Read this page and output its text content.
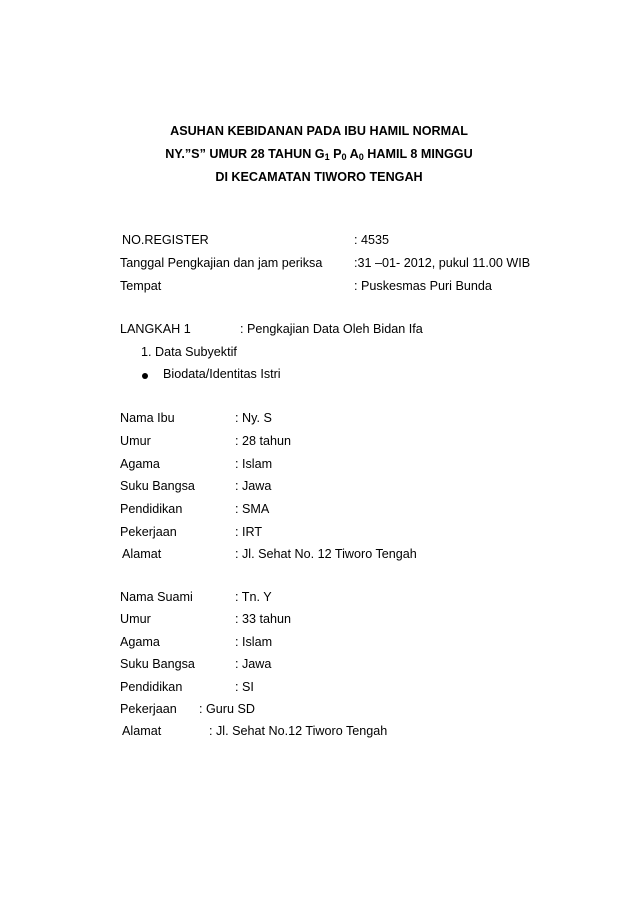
ASUHAN KEBIDANAN PADA IBU HAMIL NORMAL
NY.”S” UMUR 28 TAHUN $G_1$ $P_0$ $A_0$ HAMIL 8 MINGGU
DI KECAMATAN TIWORO TENGAH
NO.REGISTER	: 4535
Tanggal Pengkajian dan jam periksa	:31 –01- 2012, pukul 11.00 WIB
Tempat	: Puskesmas Puri Bunda
LANGKAH 1	: Pengkajian Data Oleh Bidan Ifa
1. Data Subyektif
Biodata/Identitas Istri
Nama Ibu	: Ny. S
Umur	: 28 tahun
Agama	: Islam
Suku Bangsa	: Jawa
Pendidikan	: SMA
Pekerjaan	: IRT
Alamat	: Jl. Sehat No. 12 Tiworo Tengah
Nama Suami	: Tn. Y
Umur	: 33 tahun
Agama	: Islam
Suku Bangsa	: Jawa
Pendidikan	: SI
Pekerjaan : Guru SD
Alamat	: Jl. Sehat No.12 Tiworo Tengah
